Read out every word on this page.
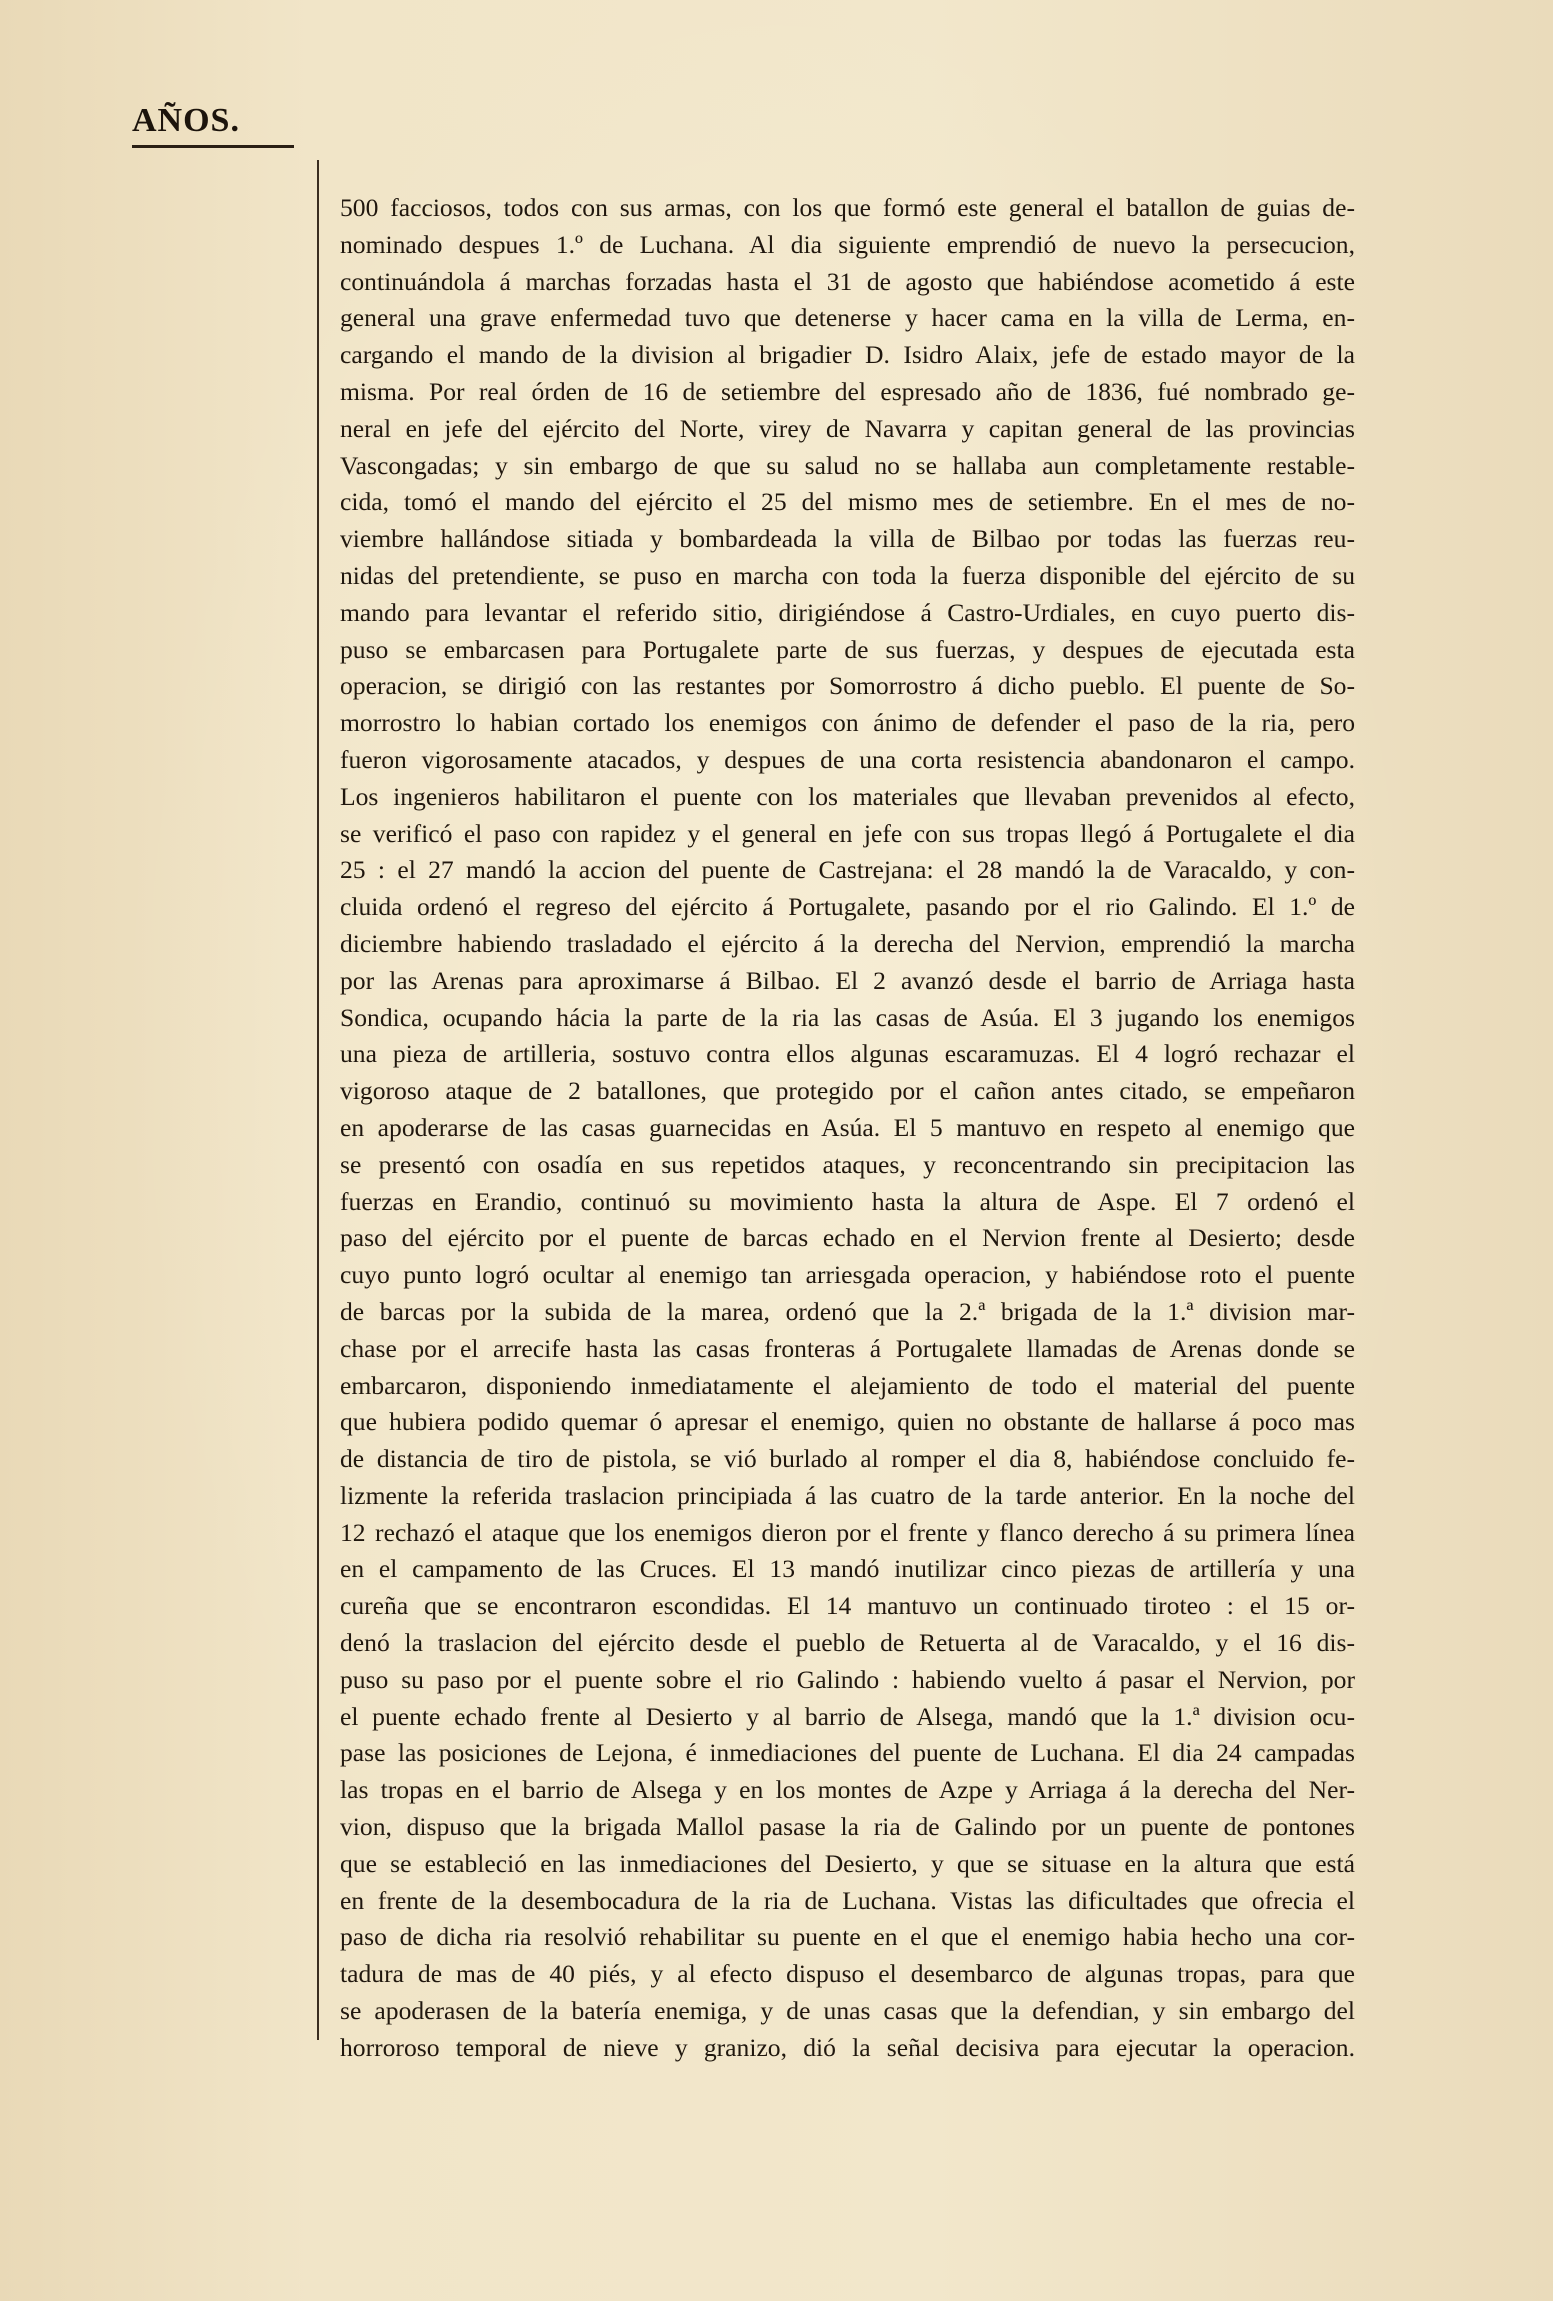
AÑOS.
500 facciosos, todos con sus armas, con los que formó este general el batallon de guias de-
nominado despues 1.º de Luchana. Al dia siguiente emprendió de nuevo la persecucion,
continuándola á marchas forzadas hasta el 31 de agosto que habiéndose acometido á este
general una grave enfermedad tuvo que detenerse y hacer cama en la villa de Lerma, en-
cargando el mando de la division al brigadier D. Isidro Alaix, jefe de estado mayor de la
misma. Por real órden de 16 de setiembre del espresado año de 1836, fué nombrado ge-
neral en jefe del ejército del Norte, virey de Navarra y capitan general de las provincias
Vascongadas; y sin embargo de que su salud no se hallaba aun completamente restable-
cida, tomó el mando del ejército el 25 del mismo mes de setiembre. En el mes de no-
viembre hallándose sitiada y bombardeada la villa de Bilbao por todas las fuerzas reu-
nidas del pretendiente, se puso en marcha con toda la fuerza disponible del ejército de su
mando para levantar el referido sitio, dirigiéndose á Castro-Urdiales, en cuyo puerto dis-
puso se embarcasen para Portugalete parte de sus fuerzas, y despues de ejecutada esta
operacion, se dirigió con las restantes por Somorrostro á dicho pueblo. El puente de So-
morrostro lo habian cortado los enemigos con ánimo de defender el paso de la ria, pero
fueron vigorosamente atacados, y despues de una corta resistencia abandonaron el campo.
Los ingenieros habilitaron el puente con los materiales que llevaban prevenidos al efecto,
se verificó el paso con rapidez y el general en jefe con sus tropas llegó á Portugalete el dia
25 : el 27 mandó la accion del puente de Castrejana: el 28 mandó la de Varacaldo, y con-
cluida ordenó el regreso del ejército á Portugalete, pasando por el rio Galindo. El 1.º de
diciembre habiendo trasladado el ejército á la derecha del Nervion, emprendió la marcha
por las Arenas para aproximarse á Bilbao. El 2 avanzó desde el barrio de Arriaga hasta
Sondica, ocupando hácia la parte de la ria las casas de Asúa. El 3 jugando los enemigos
una pieza de artilleria, sostuvo contra ellos algunas escaramuzas. El 4 logró rechazar el
vigoroso ataque de 2 batallones, que protegido por el cañon antes citado, se empeñaron
en apoderarse de las casas guarnecidas en Asúa. El 5 mantuvo en respeto al enemigo que
se presentó con osadía en sus repetidos ataques, y reconcentrando sin precipitacion las
fuerzas en Erandio, continuó su movimiento hasta la altura de Aspe. El 7 ordenó el
paso del ejército por el puente de barcas echado en el Nervion frente al Desierto; desde
cuyo punto logró ocultar al enemigo tan arriesgada operacion, y habiéndose roto el puente
de barcas por la subida de la marea, ordenó que la 2.ª brigada de la 1.ª division mar-
chase por el arrecife hasta las casas fronteras á Portugalete llamadas de Arenas donde se
embarcaron, disponiendo inmediatamente el alejamiento de todo el material del puente
que hubiera podido quemar ó apresar el enemigo, quien no obstante de hallarse á poco mas
de distancia de tiro de pistola, se vió burlado al romper el dia 8, habiéndose concluido fe-
lizmente la referida traslacion principiada á las cuatro de la tarde anterior. En la noche del
12 rechazó el ataque que los enemigos dieron por el frente y flanco derecho á su primera línea
en el campamento de las Cruces. El 13 mandó inutilizar cinco piezas de artillería y una
cureña que se encontraron escondidas. El 14 mantuvo un continuado tiroteo : el 15 or-
denó la traslacion del ejército desde el pueblo de Retuerta al de Varacaldo, y el 16 dis-
puso su paso por el puente sobre el rio Galindo : habiendo vuelto á pasar el Nervion, por
el puente echado frente al Desierto y al barrio de Alsega, mandó que la 1.ª division ocu-
pase las posiciones de Lejona, é inmediaciones del puente de Luchana. El dia 24 campadas
las tropas en el barrio de Alsega y en los montes de Azpe y Arriaga á la derecha del Ner-
vion, dispuso que la brigada Mallol pasase la ria de Galindo por un puente de pontones
que se estableció en las inmediaciones del Desierto, y que se situase en la altura que está
en frente de la desembocadura de la ria de Luchana. Vistas las dificultades que ofrecia el
paso de dicha ria resolvió rehabilitar su puente en el que el enemigo habia hecho una cor-
tadura de mas de 40 piés, y al efecto dispuso el desembarco de algunas tropas, para que
se apoderasen de la batería enemiga, y de unas casas que la defendian, y sin embargo del
horroroso temporal de nieve y granizo, dió la señal decisiva para ejecutar la operacion.
